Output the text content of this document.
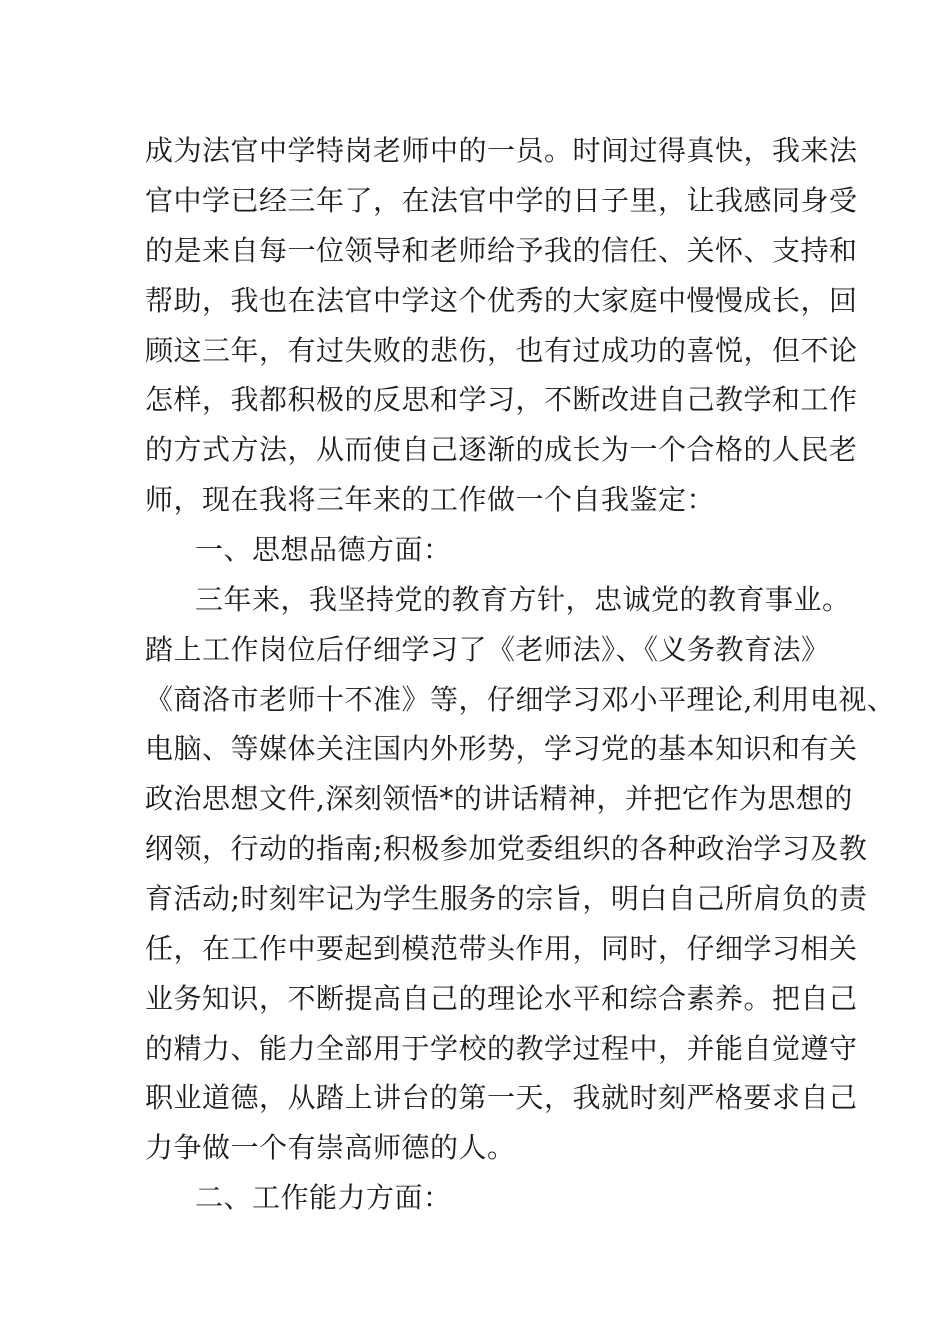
成为法官中学特岗老师中的一员。时间过得真快，我来法

官中学已经三年了，在法官中学的日子里，让我感同身受

的是来自每一位领导和老师给予我的信任、关怀、支持和

帮助，我也在法官中学这个优秀的大家庭中慢慢成长，回

顾这三年，有过失败的悲伤，也有过成功的喜悦，但不论

怎样，我都积极的反思和学习，不断改进自己教学和工作

的方式方法，从而使自己逐渐的成长为一个合格的人民老

师，现在我将三年来的工作做一个自我鉴定：

一、思想品德方面：

三年来，我坚持党的教育方针，忠诚党的教育事业。

踏上工作岗位后仔细学习了《老师法》、《义务教育法》

《商洛市老师十不准》等，仔细学习邓小平理论,利用电视、

电脑、等媒体关注国内外形势，学习党的基本知识和有关

政治思想文件,深刻领悟*的讲话精神，并把它作为思想的

纲领，行动的指南;积极参加党委组织的各种政治学习及教

育活动;时刻牢记为学生服务的宗旨，明白自己所肩负的责

任，在工作中要起到模范带头作用，同时，仔细学习相关

业务知识，不断提高自己的理论水平和综合素养。把自己

的精力、能力全部用于学校的教学过程中，并能自觉遵守

职业道德，从踏上讲台的第一天，我就时刻严格要求自己

力争做一个有崇高师德的人。

二、工作能力方面：
